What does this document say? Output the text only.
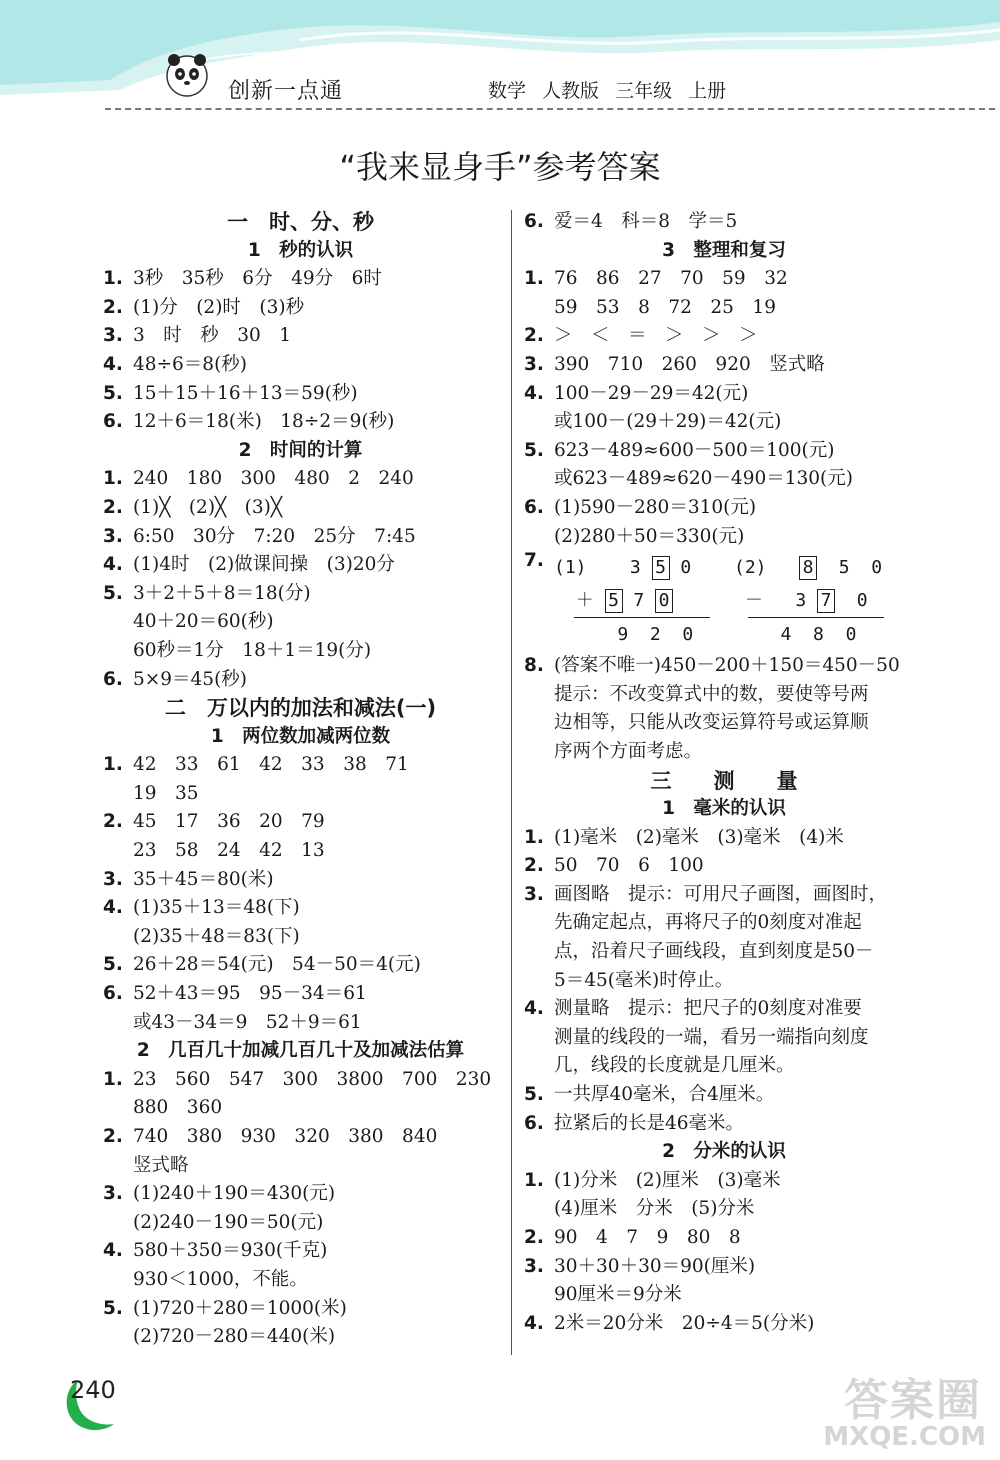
创新一点通	数学 人教版 三年级 上册
“我来显身手”参考答案
一　时、分、秒
1　秒的认识
1. 3秒　35秒　6分　49分　6时
2. (1)分　(2)时　(3)秒
3. 3　时　秒　30　1
4. 48÷6＝8(秒)
5. 15＋15＋16＋13＝59(秒)
6. 12＋6＝18(米)　18÷2＝9(秒)
2　时间的计算
1. 240　180　300　480　2　240
2. (1)╳　(2)╳　(3)╳
3. 6:50　30分　7:20　25分　7:45
4. (1)4时　(2)做课间操　(3)20分
5. 3＋2＋5＋8＝18(分)
40＋20＝60(秒)
60秒＝1分　18＋1＝19(分)
6. 5×9＝45(秒)
二　万以内的加法和减法(一)
1　两位数加减两位数
1. 42　33　61　42　33　38　71
19　35
2. 45　17　36　20　79
23　58　24　42　13
3. 35＋45＝80(米)
4. (1)35＋13＝48(下)
(2)35＋48＝83(下)
5. 26＋28＝54(元)　54－50＝4(元)
6. 52＋43＝95　95－34＝61
或43－34＝9　52＋9＝61
2　几百几十加减几百几十及加减法估算
1. 23　560　547　300　3800　700　230
880　360
2. 740　380　930　320　380　840
竖式略
3. (1)240＋190＝430(元)
(2)240－190＝50(元)
4. 580＋350＝930(千克)
930＜1000，不能。
5. (1)720＋280＝1000(米)
(2)720－280＝440(米)
6. 爱＝4　科＝8　学＝5
3　整理和复习
1. 76　86　27　70　59　32
59　53　8　72　25　19
2. ＞　＜　＝　＞　＞　＞
3. 390　710　260　920　竖式略
4. 100－29－29＝42(元)
或100－(29＋29)＝42(元)
5. 623－489≈600－500＝100(元)
或623－489≈620－490＝130(元)
6. (1)590－280＝310(元)
(2)280＋50＝330(元)
7. (1) 3 5 0
＋ 5 7 0
9 2 0
(2) 8 5 0
－ 3 7 0
4 8 0
8. (答案不唯一)450－200＋150＝450－50
提示：不改变算式中的数，要使等号两
边相等，只能从改变运算符号或运算顺
序两个方面考虑。
三　　测　　量
1　毫米的认识
1. (1)毫米　(2)毫米　(3)毫米　(4)米
2. 50　70　6　100
3. 画图略　提示：可用尺子画图，画图时，
先确定起点，再将尺子的0刻度对准起
点，沿着尺子画线段，直到刻度是50－
5＝45(毫米)时停止。
4. 测量略　提示：把尺子的0刻度对准要
测量的线段的一端，看另一端指向刻度
几，线段的长度就是几厘米。
5. 一共厚40毫米，合4厘米。
6. 拉紧后的长是46毫米。
2　分米的认识
1. (1)分米　(2)厘米　(3)毫米
(4)厘米　分米　(5)分米
2. 90　4　7　9　80　8
3. 30＋30＋30＝90(厘米)
90厘米＝9分米
4. 2米＝20分米　20÷4＝5(分米)
240	答案圈
MXQE.COM
